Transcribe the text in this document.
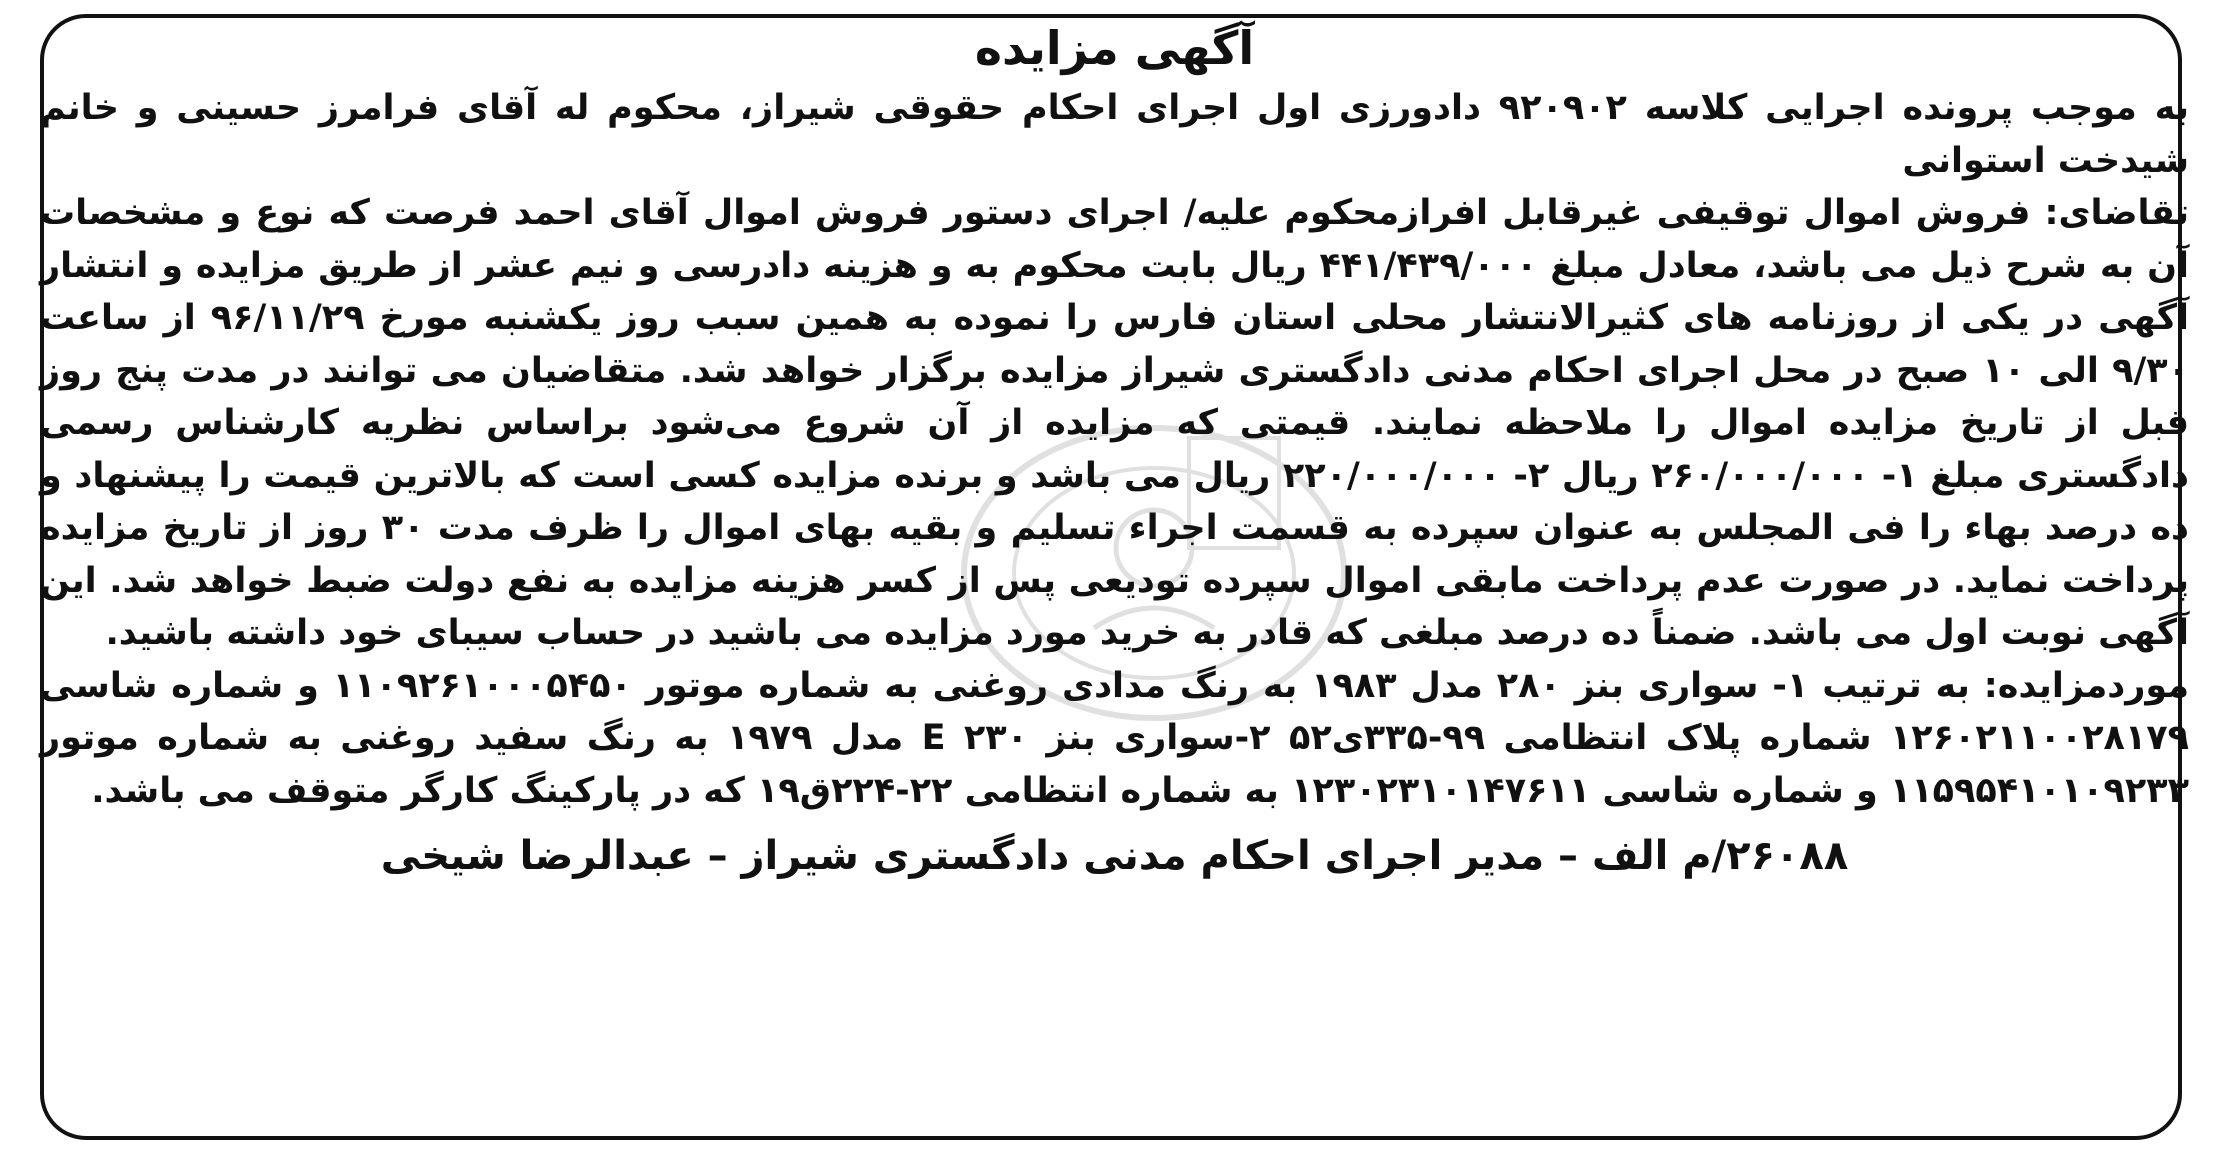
آگهی مزایده

به موجب پرونده اجرایی کلاسه ۹۲۰۹۰۲ دادورزی اول اجرای احکام حقوقی شیراز، محکوم له آقای فرامرز حسینی و خانم شیدخت استوانی

تقاضای: فروش اموال توقیفی غیرقابل افرازمحکوم علیه/ اجرای دستور فروش اموال آقای احمد فرصت که نوع و مشخصات آن به شرح ذیل می باشد، معادل مبلغ ۴۴۱/۴۳۹/۰۰۰ ریال بابت محکوم به و هزینه دادرسی و نیم عشر از طریق مزایده و انتشار آگهی در یکی از روزنامه های کثیرالانتشار محلی استان فارس را نموده به همین سبب روز یکشنبه مورخ ۹۶/۱۱/۲۹ از ساعت ۹/۳۰ الی ۱۰ صبح در محل اجرای احکام مدنی دادگستری شیراز مزایده برگزار خواهد شد. متقاضیان می توانند در مدت پنج روز قبل از تاریخ مزایده اموال را ملاحظه نمایند. قیمتی که مزایده از آن شروع می‌شود براساس نظریه کارشناس رسمی دادگستری مبلغ ۱- ۲۶۰/۰۰۰/۰۰۰ ریال ۲- ۲۲۰/۰۰۰/۰۰۰ ریال می باشد و برنده مزایده کسی است که بالاترین قیمت را پیشنهاد و ده درصد بهاء را فی المجلس به عنوان سپرده به قسمت اجراء تسلیم و بقیه بهای اموال را ظرف مدت ۳۰ روز از تاریخ مزایده پرداخت نماید. در صورت عدم پرداخت مابقی اموال سپرده تودیعی پس از کسر هزینه مزایده به نفع دولت ضبط خواهد شد. این آگهی نوبت اول می باشد. ضمناً ده درصد مبلغی که قادر به خرید مورد مزایده می باشید در حساب سیبای خود داشته باشید.

موردمزایده: به ترتیب ۱- سواری بنز ۲۸۰ مدل ۱۹۸۳ به رنگ مدادی روغنی به شماره موتور ۱۱۰۹۲۶۱۰۰۰۵۴۵۰ و شماره شاسی ۱۲۶۰۲۱۱۰۰۲۸۱۷۹ شماره پلاک انتظامی ۹۹-۳۳۵ی۵۲ ۲-سواری بنز E ۲۳۰ مدل ۱۹۷۹ به رنگ سفید روغنی به شماره موتور ۱۱۵۹۵۴۱۰۱۰۹۲۳۳ و شماره شاسی ۱۲۳۰۲۳۱۰۱۴۷۶۱۱ به شماره انتظامی ۲۲-۲۲۴ق۱۹ که در پارکینگ کارگر متوقف می باشد.

۲۶۰۸۸/م الف – مدیر اجرای احکام مدنی دادگستری شیراز – عبدالرضا شیخی
